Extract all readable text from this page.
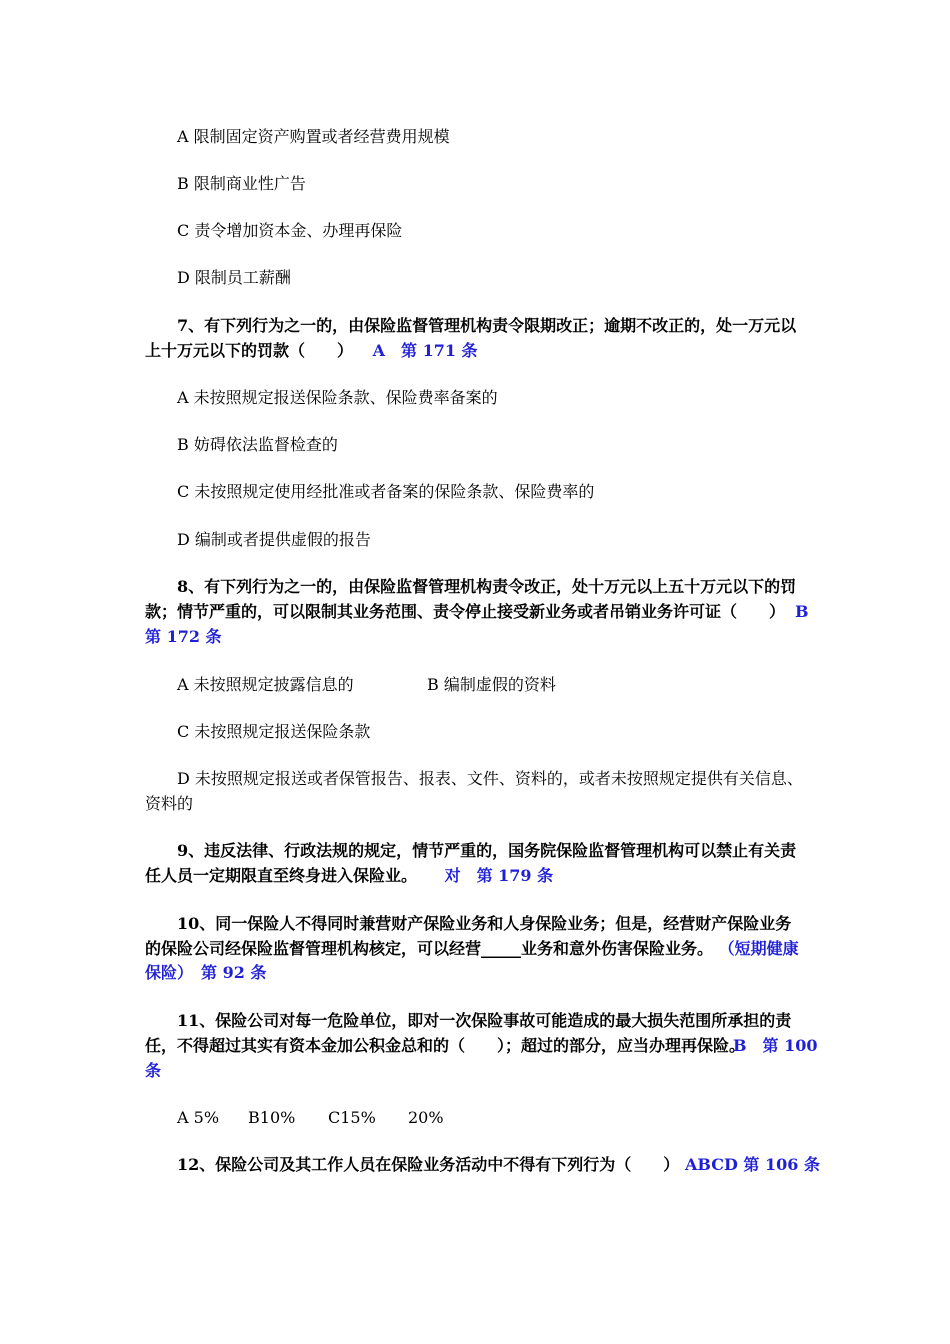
A 限制固定资产购置或者经营费用规模
B 限制商业性广告
C 责令增加资本金、办理再保险
D 限制员工薪酬
7、有下列行为之一的，由保险监督管理机构责令限期改正；逾期不改正的，处一万元以
上十万元以下的罚款（　　） A　第 171 条
A 未按照规定报送保险条款、保险费率备案的
B 妨碍依法监督检查的
C 未按照规定使用经批准或者备案的保险条款、保险费率的
D 编制或者提供虚假的报告
8、有下列行为之一的，由保险监督管理机构责令改正，处十万元以上五十万元以下的罚
款；情节严重的，可以限制其业务范围、责令停止接受新业务或者吊销业务许可证（　　） B
第 172 条
A 未按照规定披露信息的	B 编制虚假的资料
C 未按照规定报送保险条款
D 未按照规定报送或者保管报告、报表、文件、资料的，或者未按照规定提供有关信息、
资料的
9、违反法律、行政法规的规定，情节严重的，国务院保险监督管理机构可以禁止有关责
任人员一定期限直至终身进入保险业。 对　第 179 条
10、同一保险人不得同时兼营财产保险业务和人身保险业务；但是，经营财产保险业务
的保险公司经保险监督管理机构核定，可以经营_____业务和意外伤害保险业务。 （短期健康
保险）　第 92 条
11、保险公司对每一危险单位，即对一次保险事故可能造成的最大损失范围所承担的责
任，不得超过其实有资本金加公积金总和的（　　）；超过的部分，应当办理再保险。
B　第 100
条
A 5% B10% C15% 20%
12、保险公司及其工作人员在保险业务活动中不得有下列行为（　　） ABCD 第 106 条
